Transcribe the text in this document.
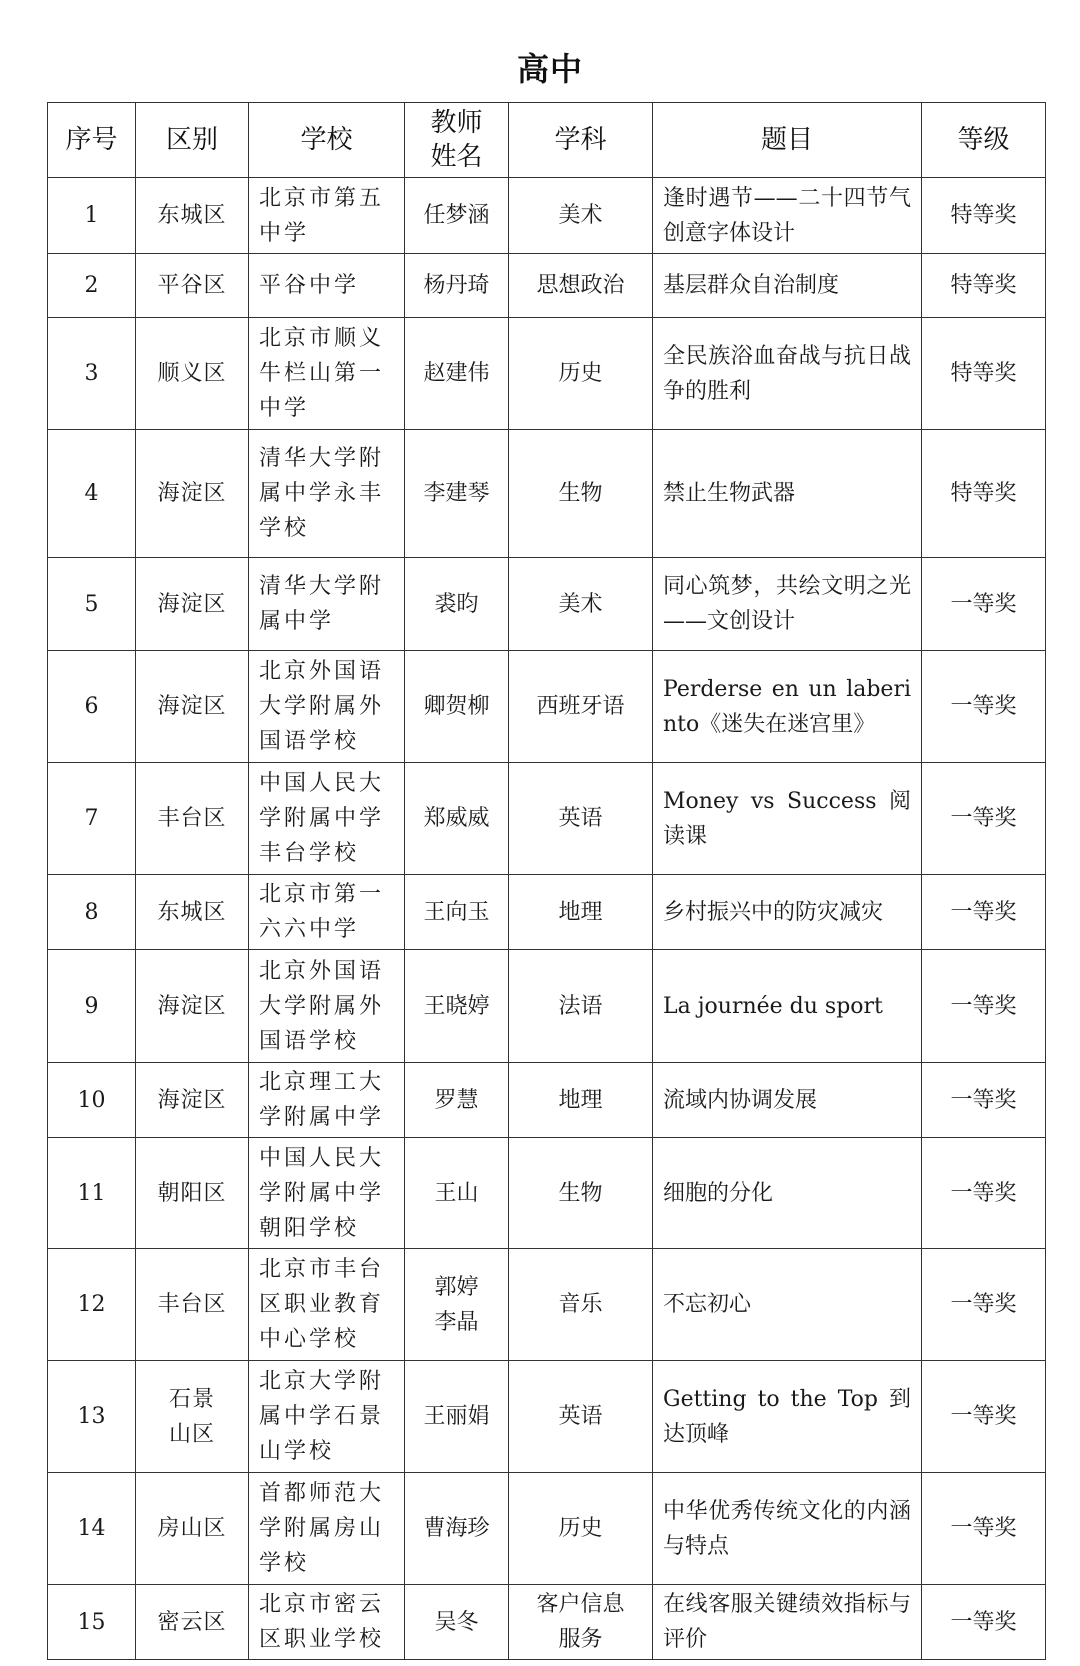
高中
序号	区别	学校	教师姓名	学科	题目	等级
1	东城区	北京市第五中学	任梦涵	美术	逢时遇节——二十四节气创意字体设计	特等奖
2	平谷区	平谷中学	杨丹琦	思想政治	基层群众自治制度	特等奖
3	顺义区	北京市顺义牛栏山第一中学	赵建伟	历史	全民族浴血奋战与抗日战争的胜利	特等奖
4	海淀区	清华大学附属中学永丰学校	李建琴	生物	禁止生物武器	特等奖
5	海淀区	清华大学附属中学	裘昀	美术	同心筑梦，共绘文明之光——文创设计	一等奖
6	海淀区	北京外国语大学附属外国语学校	卿贺柳	西班牙语	Perderse en un laberinto《迷失在迷宫里》	一等奖
7	丰台区	中国人民大学附属中学丰台学校	郑威威	英语	Money vs Success 阅读课	一等奖
8	东城区	北京市第一六六中学	王向玉	地理	乡村振兴中的防灾减灾	一等奖
9	海淀区	北京外国语大学附属外国语学校	王晓婷	法语	La journée du sport	一等奖
10	海淀区	北京理工大学附属中学	罗慧	地理	流域内协调发展	一等奖
11	朝阳区	中国人民大学附属中学朝阳学校	王山	生物	细胞的分化	一等奖
12	丰台区	北京市丰台区职业教育中心学校	郭婷李晶	音乐	不忘初心	一等奖
13	石景山区	北京大学附属中学石景山学校	王丽娟	英语	Getting to the Top 到达顶峰	一等奖
14	房山区	首都师范大学附属房山学校	曹海珍	历史	中华优秀传统文化的内涵与特点	一等奖
15	密云区	北京市密云区职业学校	吴冬	客户信息服务	在线客服关键绩效指标与评价	一等奖
